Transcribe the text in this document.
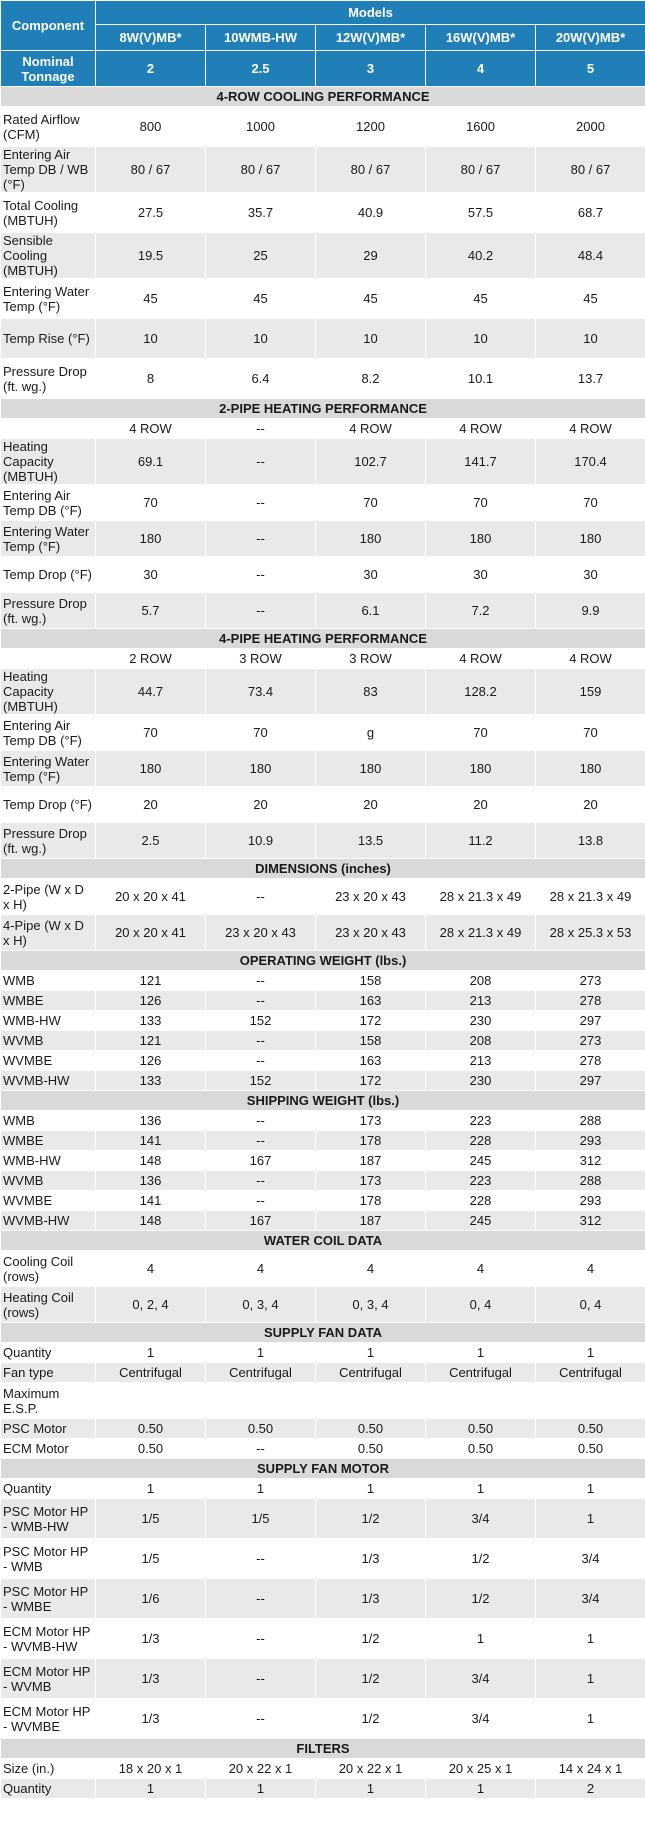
Component	Models				
	8W(V)MB*	10WMB-HW	12W(V)MB*	16W(V)MB*	20W(V)MB*
Nominal Tonnage	2	2.5	3	4	5
4-ROW COOLING PERFORMANCE					
Rated Airflow (CFM)	800	1000	1200	1600	2000
Entering Air Temp DB / WB (°F)	80 / 67	80 / 67	80 / 67	80 / 67	80 / 67
Total Cooling (MBTUH)	27.5	35.7	40.9	57.5	68.7
Sensible Cooling (MBTUH)	19.5	25	29	40.2	48.4
Entering Water Temp (°F)	45	45	45	45	45
Temp Rise (°F)	10	10	10	10	10
Pressure Drop (ft. wg.)	8	6.4	8.2	10.1	13.7
2-PIPE HEATING PERFORMANCE					
	4 ROW	--	4 ROW	4 ROW	4 ROW
Heating Capacity (MBTUH)	69.1	--	102.7	141.7	170.4
Entering Air Temp DB (°F)	70	--	70	70	70
Entering Water Temp (°F)	180	--	180	180	180
Temp Drop (°F)	30	--	30	30	30
Pressure Drop (ft. wg.)	5.7	--	6.1	7.2	9.9
4-PIPE HEATING PERFORMANCE					
	2 ROW	3 ROW	3 ROW	4 ROW	4 ROW
Heating Capacity (MBTUH)	44.7	73.4	83	128.2	159
Entering Air Temp DB (°F)	70	70	g	70	70
Entering Water Temp (°F)	180	180	180	180	180
Temp Drop (°F)	20	20	20	20	20
Pressure Drop (ft. wg.)	2.5	10.9	13.5	11.2	13.8
DIMENSIONS (inches)					
2-Pipe (W x D x H)	20 x 20 x 41	--	23 x 20 x 43	28 x 21.3 x 49	28 x 21.3 x 49
4-Pipe (W x D x H)	20 x 20 x 41	23 x 20 x 43	23 x 20 x 43	28 x 21.3 x 49	28 x 25.3 x 53
OPERATING WEIGHT (lbs.)					
WMB	121	--	158	208	273
WMBE	126	--	163	213	278
WMB-HW	133	152	172	230	297
WVMB	121	--	158	208	273
WVMBE	126	--	163	213	278
WVMB-HW	133	152	172	230	297
SHIPPING WEIGHT (lbs.)					
WMB	136	--	173	223	288
WMBE	141	--	178	228	293
WMB-HW	148	167	187	245	312
WVMB	136	--	173	223	288
WVMBE	141	--	178	228	293
WVMB-HW	148	167	187	245	312
WATER COIL DATA					
Cooling Coil (rows)	4	4	4	4	4
Heating Coil (rows)	0, 2, 4	0, 3, 4	0, 3, 4	0, 4	0, 4
SUPPLY FAN DATA					
Quantity	1	1	1	1	1
Fan type	Centrifugal	Centrifugal	Centrifugal	Centrifugal	Centrifugal
Maximum E.S.P.					
PSC Motor	0.50	0.50	0.50	0.50	0.50
ECM Motor	0.50	--	0.50	0.50	0.50
SUPPLY FAN MOTOR					
Quantity	1	1	1	1	1
PSC Motor HP - WMB-HW	1/5	1/5	1/2	3/4	1
PSC Motor HP - WMB	1/5	--	1/3	1/2	3/4
PSC Motor HP - WMBE	1/6	--	1/3	1/2	3/4
ECM Motor HP - WVMB-HW	1/3	--	1/2	1	1
ECM Motor HP - WVMB	1/3	--	1/2	3/4	1
ECM Motor HP - WVMBE	1/3	--	1/2	3/4	1
FILTERS					
Size (in.)	18 x 20 x 1	20 x 22 x 1	20 x 22 x 1	20 x 25 x 1	14 x 24 x 1
Quantity	1	1	1	1	2
